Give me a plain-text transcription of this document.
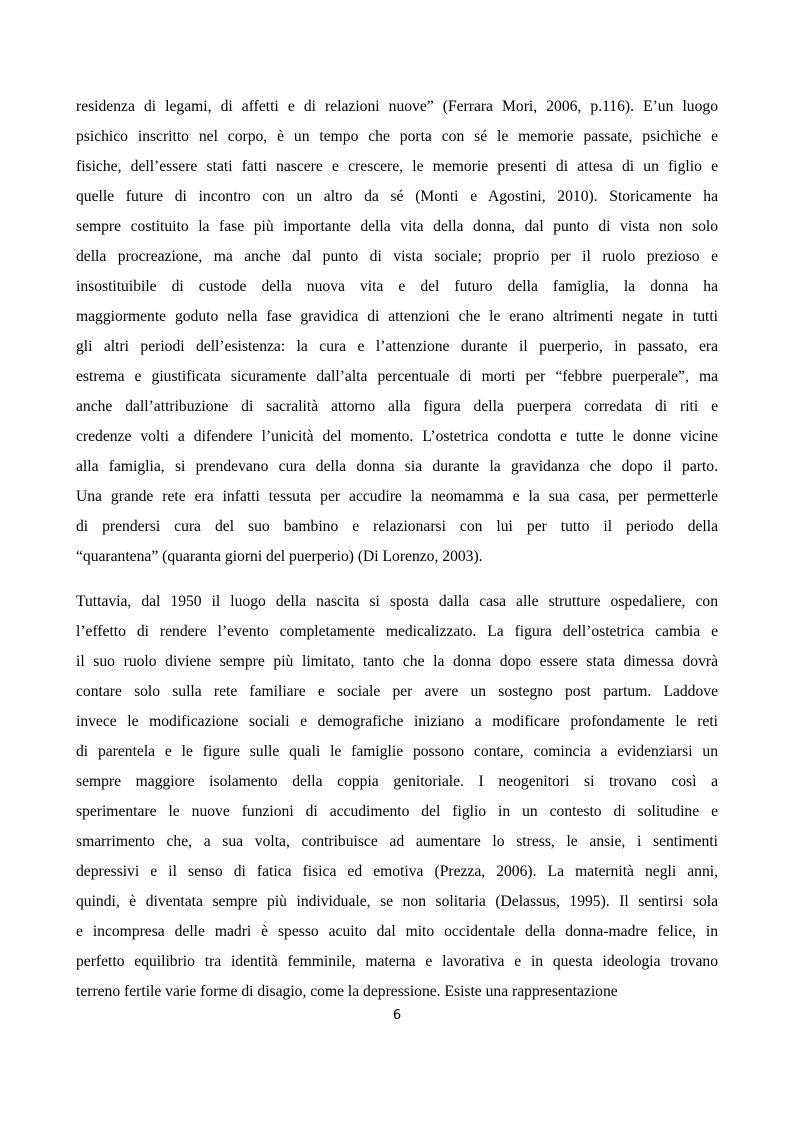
residenza di legami, di affetti e di relazioni nuove” (Ferrara Mori, 2006, p.116). E’un luogo
psichico inscritto nel corpo, è un tempo che porta con sé le memorie passate, psichiche e
fisiche, dell’essere stati fatti nascere e crescere, le memorie presenti di attesa di un figlio e
quelle future di incontro con un altro da sé (Monti e Agostini, 2010). Storicamente ha
sempre costituito la fase più importante della vita della donna, dal punto di vista non solo
della procreazione, ma anche dal punto di vista sociale; proprio per il ruolo prezioso e
insostituibile di custode della nuova vita e del futuro della famiglia, la donna ha
maggiormente goduto nella fase gravidica di attenzioni che le erano altrimenti negate in tutti
gli altri periodi dell’esistenza: la cura e l’attenzione durante il puerperio, in passato, era
estrema e giustificata sicuramente dall’alta percentuale di morti per “febbre puerperale”, ma
anche dall’attribuzione di sacralità attorno alla figura della puerpera corredata di riti e
credenze volti a difendere l’unicità del momento. L’ostetrica condotta e tutte le donne vicine
alla famiglia, si prendevano cura della donna sia durante la gravidanza che dopo il parto.
Una grande rete era infatti tessuta per accudire la neomamma e la sua casa, per permetterle
di prendersi cura del suo bambino e relazionarsi con lui per tutto il periodo della
“quarantena” (quaranta giorni del puerperio) (Di Lorenzo, 2003).
Tuttavia, dal 1950 il luogo della nascita si sposta dalla casa alle strutture ospedaliere, con
l’effetto di rendere l’evento completamente medicalizzato. La figura dell’ostetrica cambia e
il suo ruolo diviene sempre più limitato, tanto che la donna dopo essere stata dimessa dovrà
contare solo sulla rete familiare e sociale per avere un sostegno post partum. Laddove
invece le modificazione sociali e demografiche iniziano a modificare profondamente le reti
di parentela e le figure sulle quali le famiglie possono contare, comincia a evidenziarsi un
sempre maggiore isolamento della coppia genitoriale. I neogenitori si trovano così a
sperimentare le nuove funzioni di accudimento del figlio in un contesto di solitudine e
smarrimento che, a sua volta, contribuisce ad aumentare lo stress, le ansie, i sentimenti
depressivi e il senso di fatica fisica ed emotiva (Prezza, 2006). La maternità negli anni,
quindi, è diventata sempre più individuale, se non solitaria (Delassus, 1995). Il sentirsi sola
e incompresa delle madri è spesso acuito dal mito occidentale della donna-madre felice, in
perfetto equilibrio tra identità femminile, materna e lavorativa e in questa ideologia trovano
terreno fertile varie forme di disagio, come la depressione. Esiste una rappresentazione
6
